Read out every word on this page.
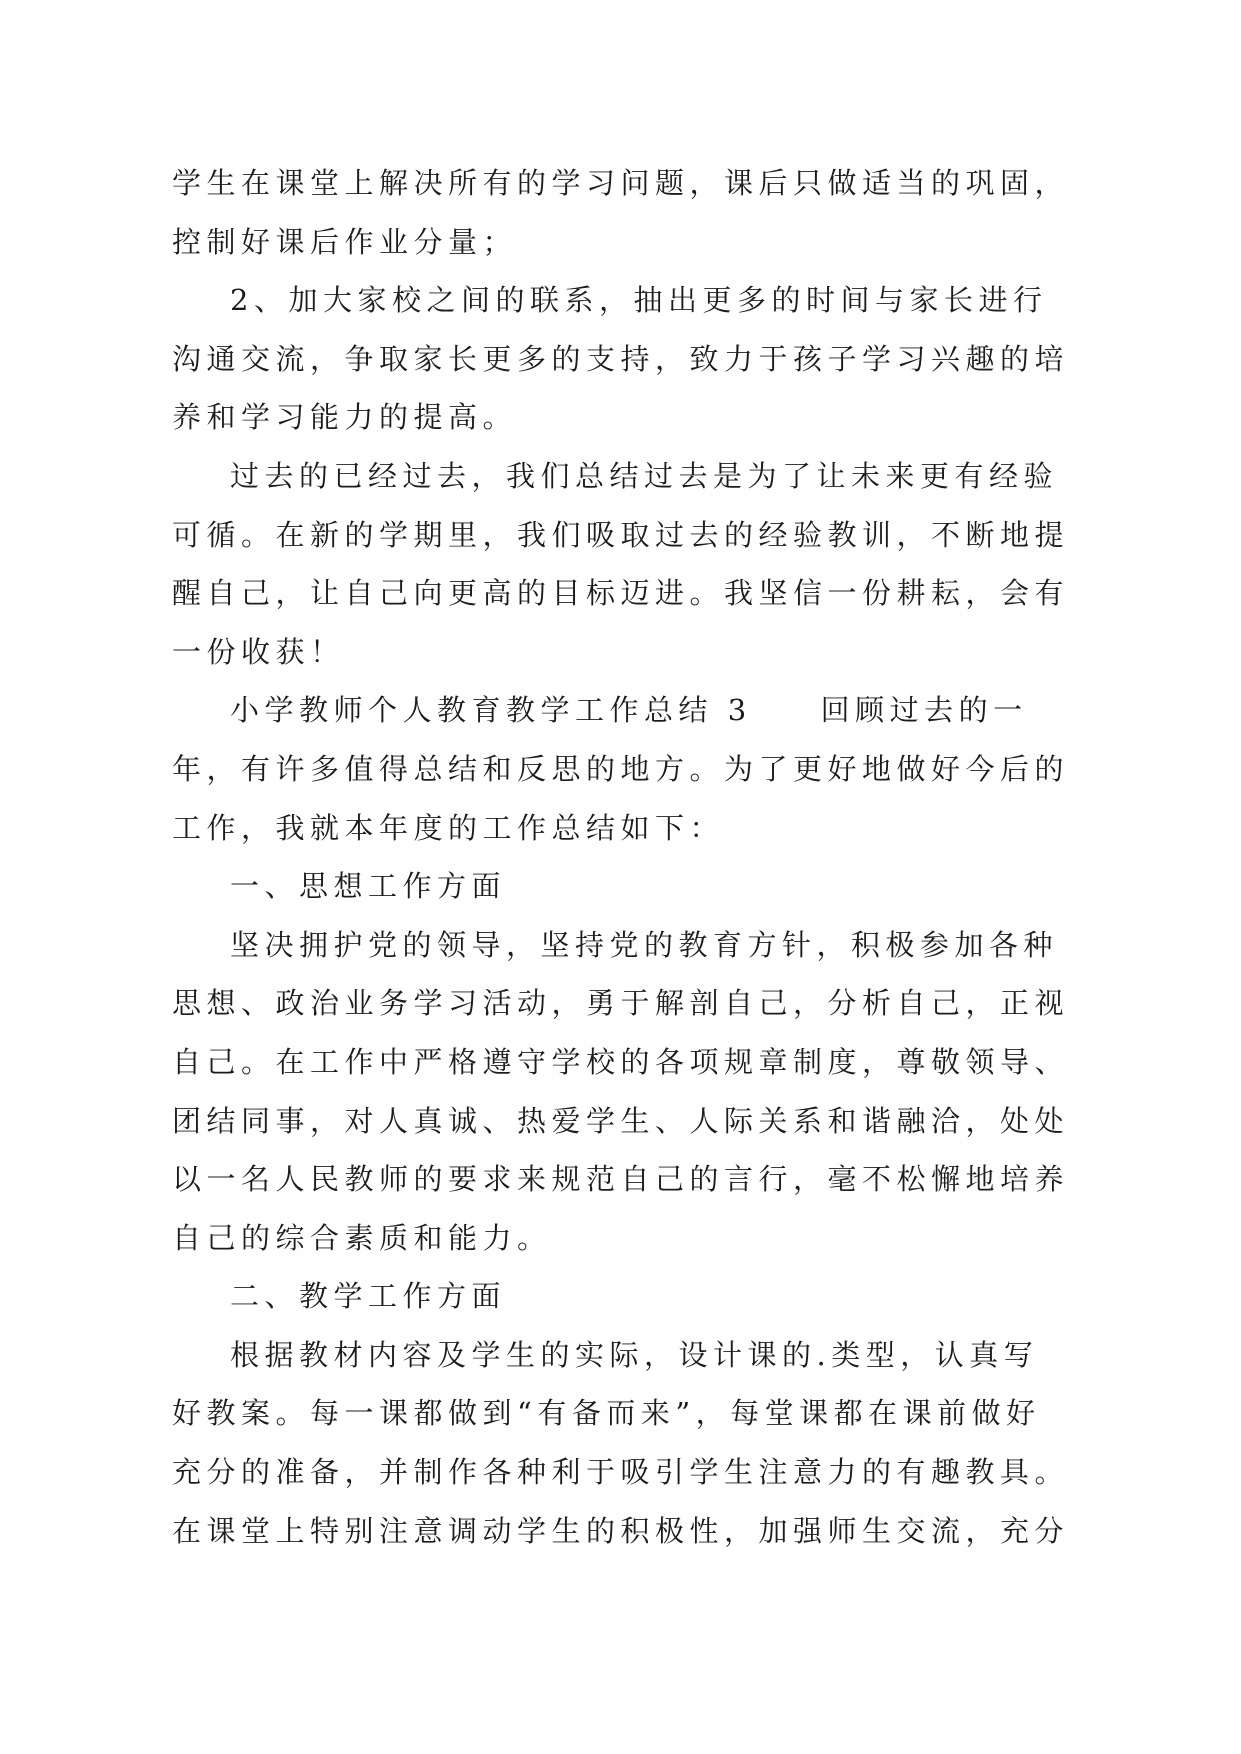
学生在课堂上解决所有的学习问题，课后只做适当的巩固，
控制好课后作业分量；
2、加大家校之间的联系，抽出更多的时间与家长进行
沟通交流，争取家长更多的支持，致力于孩子学习兴趣的培
养和学习能力的提高。
过去的已经过去，我们总结过去是为了让未来更有经验
可循。在新的学期里，我们吸取过去的经验教训，不断地提
醒自己，让自己向更高的目标迈进。我坚信一份耕耘，会有
一份收获！
小学教师个人教育教学工作总结 3　　回顾过去的一
年，有许多值得总结和反思的地方。为了更好地做好今后的
工作，我就本年度的工作总结如下：
一、思想工作方面
坚决拥护党的领导，坚持党的教育方针，积极参加各种
思想、政治业务学习活动，勇于解剖自己，分析自己，正视
自己。在工作中严格遵守学校的各项规章制度，尊敬领导、
团结同事，对人真诚、热爱学生、人际关系和谐融洽，处处
以一名人民教师的要求来规范自己的言行，毫不松懈地培养
自己的综合素质和能力。
二、教学工作方面
根据教材内容及学生的实际，设计课的.类型，认真写
好教案。每一课都做到“有备而来”，每堂课都在课前做好
充分的准备，并制作各种利于吸引学生注意力的有趣教具。
在课堂上特别注意调动学生的积极性，加强师生交流，充分
